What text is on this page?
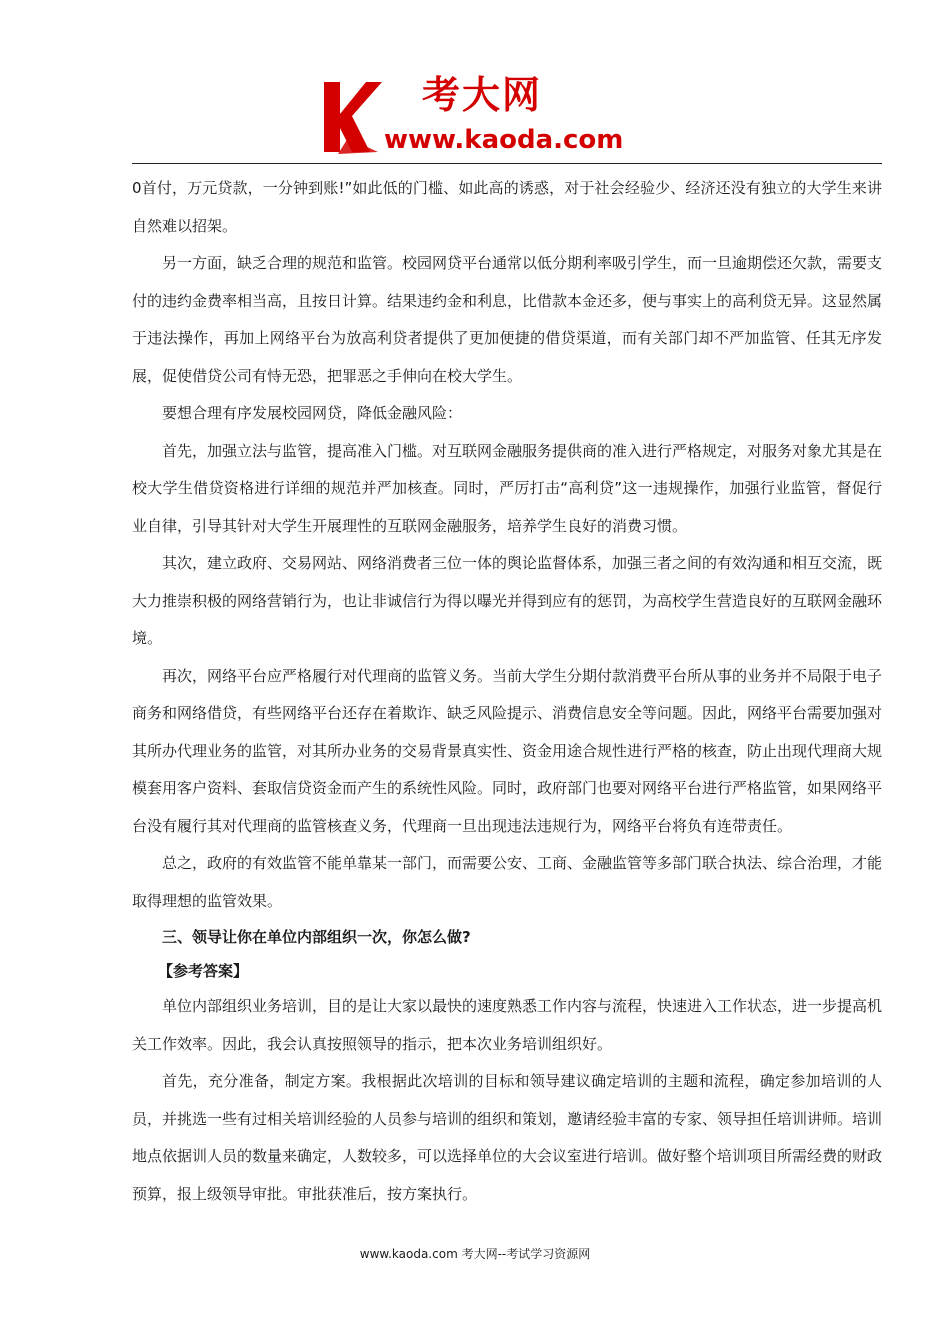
考大网
www.kaoda.com

0首付，万元贷款，一分钟到账!”如此低的门槛、如此高的诱惑，对于社会经验少、经济还没有独立的大学生来讲自然难以招架。

另一方面，缺乏合理的规范和监管。校园网贷平台通常以低分期利率吸引学生，而一旦逾期偿还欠款，需要支付的违约金费率相当高，且按日计算。结果违约金和利息，比借款本金还多，便与事实上的高利贷无异。这显然属于违法操作，再加上网络平台为放高利贷者提供了更加便捷的借贷渠道，而有关部门却不严加监管、任其无序发展，促使借贷公司有恃无恐，把罪恶之手伸向在校大学生。

要想合理有序发展校园网贷，降低金融风险：

首先，加强立法与监管，提高准入门槛。对互联网金融服务提供商的准入进行严格规定，对服务对象尤其是在校大学生借贷资格进行详细的规范并严加核查。同时，严厉打击“高利贷”这一违规操作，加强行业监管，督促行业自律，引导其针对大学生开展理性的互联网金融服务，培养学生良好的消费习惯。

其次，建立政府、交易网站、网络消费者三位一体的舆论监督体系，加强三者之间的有效沟通和相互交流，既大力推崇积极的网络营销行为，也让非诚信行为得以曝光并得到应有的惩罚，为高校学生营造良好的互联网金融环境。

再次，网络平台应严格履行对代理商的监管义务。当前大学生分期付款消费平台所从事的业务并不局限于电子商务和网络借贷，有些网络平台还存在着欺诈、缺乏风险提示、消费信息安全等问题。因此，网络平台需要加强对其所办代理业务的监管，对其所办业务的交易背景真实性、资金用途合规性进行严格的核查，防止出现代理商大规模套用客户资料、套取信贷资金而产生的系统性风险。同时，政府部门也要对网络平台进行严格监管，如果网络平台没有履行其对代理商的监管核查义务，代理商一旦出现违法违规行为，网络平台将负有连带责任。

总之，政府的有效监管不能单靠某一部门，而需要公安、工商、金融监管等多部门联合执法、综合治理，才能取得理想的监管效果。

三、领导让你在单位内部组织一次，你怎么做?

【参考答案】

单位内部组织业务培训，目的是让大家以最快的速度熟悉工作内容与流程，快速进入工作状态，进一步提高机关工作效率。因此，我会认真按照领导的指示，把本次业务培训组织好。

首先，充分准备，制定方案。我根据此次培训的目标和领导建议确定培训的主题和流程，确定参加培训的人员，并挑选一些有过相关培训经验的人员参与培训的组织和策划，邀请经验丰富的专家、领导担任培训讲师。培训地点依据训人员的数量来确定，人数较多，可以选择单位的大会议室进行培训。做好整个培训项目所需经费的财政预算，报上级领导审批。审批获准后，按方案执行。

www.kaoda.com 考大网--考试学习资源网
